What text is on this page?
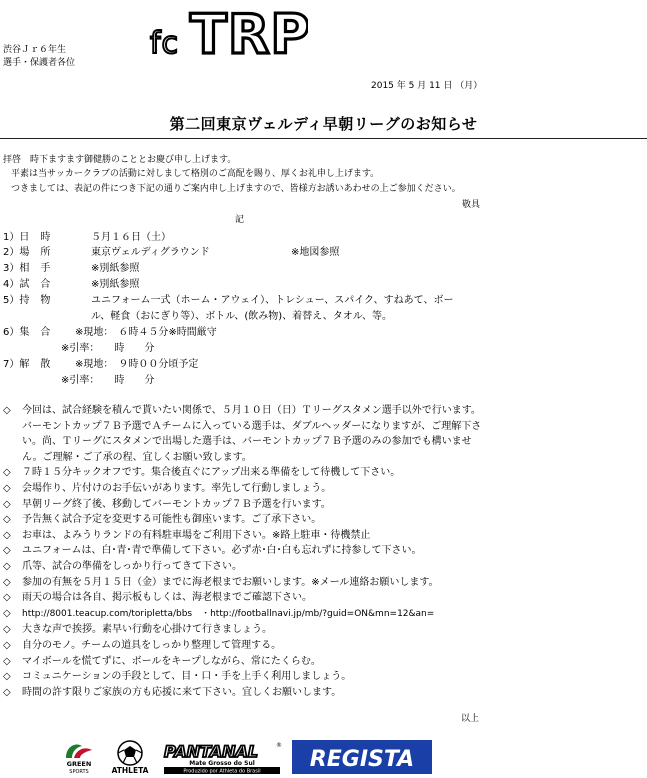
fc TRP
渋谷Ｊｒ６年生
選手・保護者各位
2015 年 5 月 11 日 （月）
第二回東京ヴェルディ早朝リーグのお知らせ
拝啓　時下ますます御健勝のこととお慶び申し上げます。
平素は当サッカークラブの活動に対しまして格別のご高配を賜り、厚くお礼申し上げます。
つきましては、表記の件につき下記の通りご案内申し上げますので、皆様方お誘いあわせの上ご参加ください。
敬具
記
1）日　時	５月１６日（土）
2）場　所	東京ヴェルディグラウンド	※地図参照
3）相　手	※別紙参照
4）試　合	※別紙参照
5）持　物	ユニフォーム一式（ホーム・アウェイ）、トレシュー、スパイク、すねあて、ボー
ル、軽食（おにぎり等）、ボトル、(飲み物)、着替え、タオル、等。
6）集　合 ※現地：　６時４５分※時間厳守
※引率：　　時　　分
7）解　散 ※現地：　９時００分頃予定
※引率：　　時　　分
◇ 今回は、試合経験を積んで貰いたい関係で、５月１０日（日）Ｔリーグスタメン選手以外で行います。バーモントカップ７Ｂ予選でＡチームに入っている選手は、ダブルヘッダーになりますが、ご理解下さい。尚、Ｔリーグにスタメンで出場した選手は、バーモントカップ７Ｂ予選のみの参加でも構いません。ご理解・ご了承の程、宜しくお願い致します。
◇ ７時１５分キックオフです。集合後直ぐにアップ出来る準備をして待機して下さい。
◇ 会場作り、片付けのお手伝いがあります。率先して行動しましょう。
◇ 早朝リーグ終了後、移動してバーモントカップ７Ｂ予選を行います。
◇ 予告無く試合予定を変更する可能性も御座います。ご了承下さい。
◇ お車は、よみうりランドの有料駐車場をご利用下さい。※路上駐車・待機禁止
◇ ユニフォームは、白･青･青で準備して下さい。必ず赤･白･白も忘れずに持参して下さい。
◇ 爪等、試合の準備をしっかり行ってきて下さい。
◇ 参加の有無を５月１５日（金）までに海老根までお願いします。※メール連絡お願いします。
◇ 雨天の場合は各自、掲示板もしくは、海老根までご確認下さい。
◇ http://8001.teacup.com/toripletta/bbs　・http://footballnavi.jp/mb/?guid=ON&mn=12&an=
◇ 大きな声で挨拶。素早い行動を心掛けて行きましょう。
◇ 自分のモノ。チームの道具をしっかり整理して管理する。
◇ マイボールを慌てずに、ボールをキープしながら、常にたくらむ。
◇ コミュニケーションの手段として、目・口・手を上手く利用しましょう。
◇ 時間の許す限りご家族の方も応援に来て下さい。宜しくお願いします。
以上
GREEN
SPORTS	ATHLETA
PANTANAL	®
Mate Grosso do Sul
Produzido por Athleta do Brasil REGISTA
